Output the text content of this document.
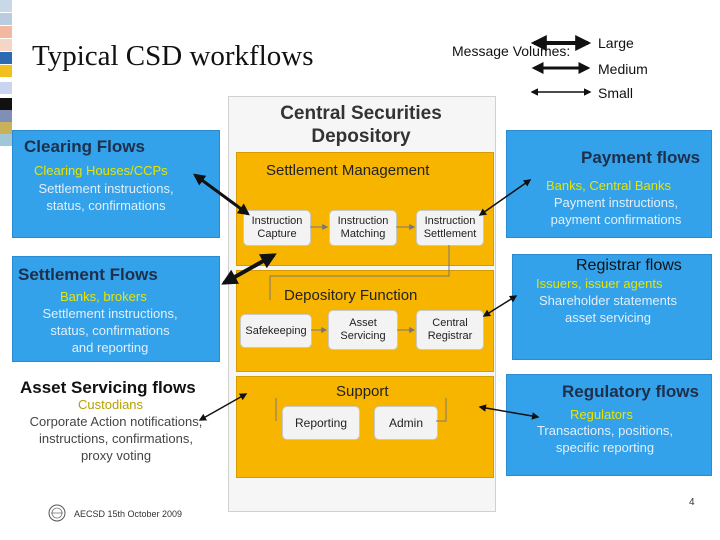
Typical CSD workflows	Message Volumes: Large
Medium
Small
Central Securities
Depository
Settlement Management
Instruction Capture
Instruction Matching
Instruction Settlement
Depository Function
Safekeeping
Asset Servicing
Central Registrar
Support
Reporting	Admin
Clearing Flows
Clearing Houses/CCPs
Settlement instructions,
status, confirmations
Settlement Flows
Banks, brokers
Settlement instructions,
status, confirmations
and reporting
Asset Servicing flows
Custodians
Corporate Action notifications,
instructions, confirmations,
proxy voting
Payment flows
Banks, Central Banks
Payment instructions,
payment confirmations
Registrar flows
Issuers, issuer agents
Shareholder statements
asset servicing
Regulatory flows
Regulators
Transactions, positions,
specific reporting
AECSD 15th October 2009
4
